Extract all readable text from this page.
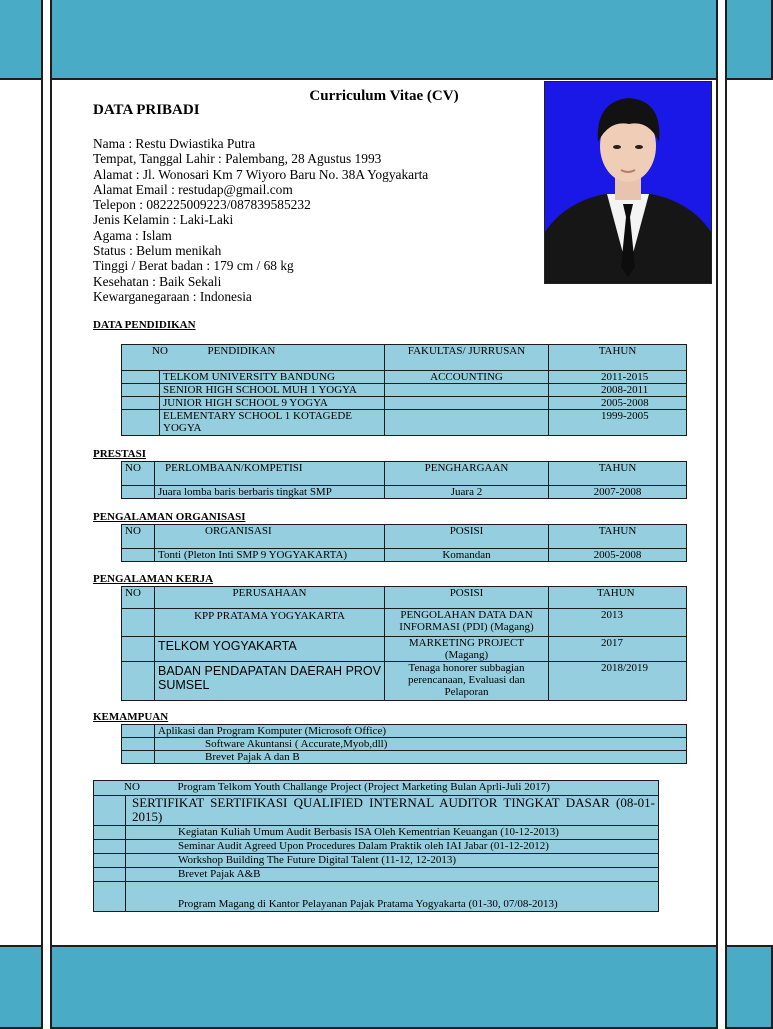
Curriculum Vitae (CV)
DATA PRIBADI
Nama : Restu Dwiastika Putra
Tempat, Tanggal Lahir : Palembang, 28 Agustus 1993
Alamat : Jl. Wonosari Km 7 Wiyoro Baru No. 38A Yogyakarta
Alamat Email : restudap@gmail.com
Telepon : 082225009223/087839585232
Jenis Kelamin : Laki-Laki
Agama : Islam
Status : Belum menikah
Tinggi / Berat badan : 179 cm / 68 kg
Kesehatan : Baik Sekali
Kewarganegaraan : Indonesia
DATA PENDIDIKAN
NO	PENDIDIKAN	FAKULTAS/ JURRUSAN	TAHUN
	TELKOM UNIVERSITY BANDUNG	ACCOUNTING	2011-2015
	SENIOR HIGH SCHOOL MUH 1 YOGYA		2008-2011
	JUNIOR HIGH SCHOOL 9 YOGYA		2005-2008
	ELEMENTARY SCHOOL 1 KOTAGEDE YOGYA		1999-2005
PRESTASI
NO	PERLOMBAAN/KOMPETISI	PENGHARGAAN	TAHUN
	Juara lomba baris berbaris tingkat SMP	Juara 2	2007-2008
PENGALAMAN ORGANISASI
NO	ORGANISASI	POSISI	TAHUN
	Tonti (Pleton Inti SMP 9 YOGYAKARTA)	Komandan	2005-2008
PENGALAMAN KERJA
NO	PERUSAHAAN	POSISI	TAHUN
	KPP PRATAMA YOGYAKARTA	PENGOLAHAN DATA DAN INFORMASI (PDI) (Magang)	2013
	TELKOM YOGYAKARTA	MARKETING PROJECT (Magang)	2017
	BADAN PENDAPATAN DAERAH PROV SUMSEL	Tenaga honorer subbagian perencanaan, Evaluasi dan Pelaporan	2018/2019
KEMAMPUAN
	Aplikasi dan Program Komputer (Microsoft Office)
	Software Akuntansi ( Accurate,Myob,dll)
	Brevet Pajak A dan B
NO	Program Telkom Youth Challange Project (Project Marketing Bulan Aprli-Juli 2017)
	SERTIFIKAT SERTIFIKASI QUALIFIED INTERNAL AUDITOR TINGKAT DASAR (08-01-2015)
	Kegiatan Kuliah Umum Audit Berbasis ISA Oleh Kementrian Keuangan (10-12-2013)
	Seminar Audit Agreed Upon Procedures Dalam Praktik oleh IAI Jabar (01-12-2012)
	Workshop Building The Future Digital Talent (11-12, 12-2013)
	Brevet Pajak A&B
	Program Magang di Kantor Pelayanan Pajak Pratama Yogyakarta (01-30, 07/08-2013)
